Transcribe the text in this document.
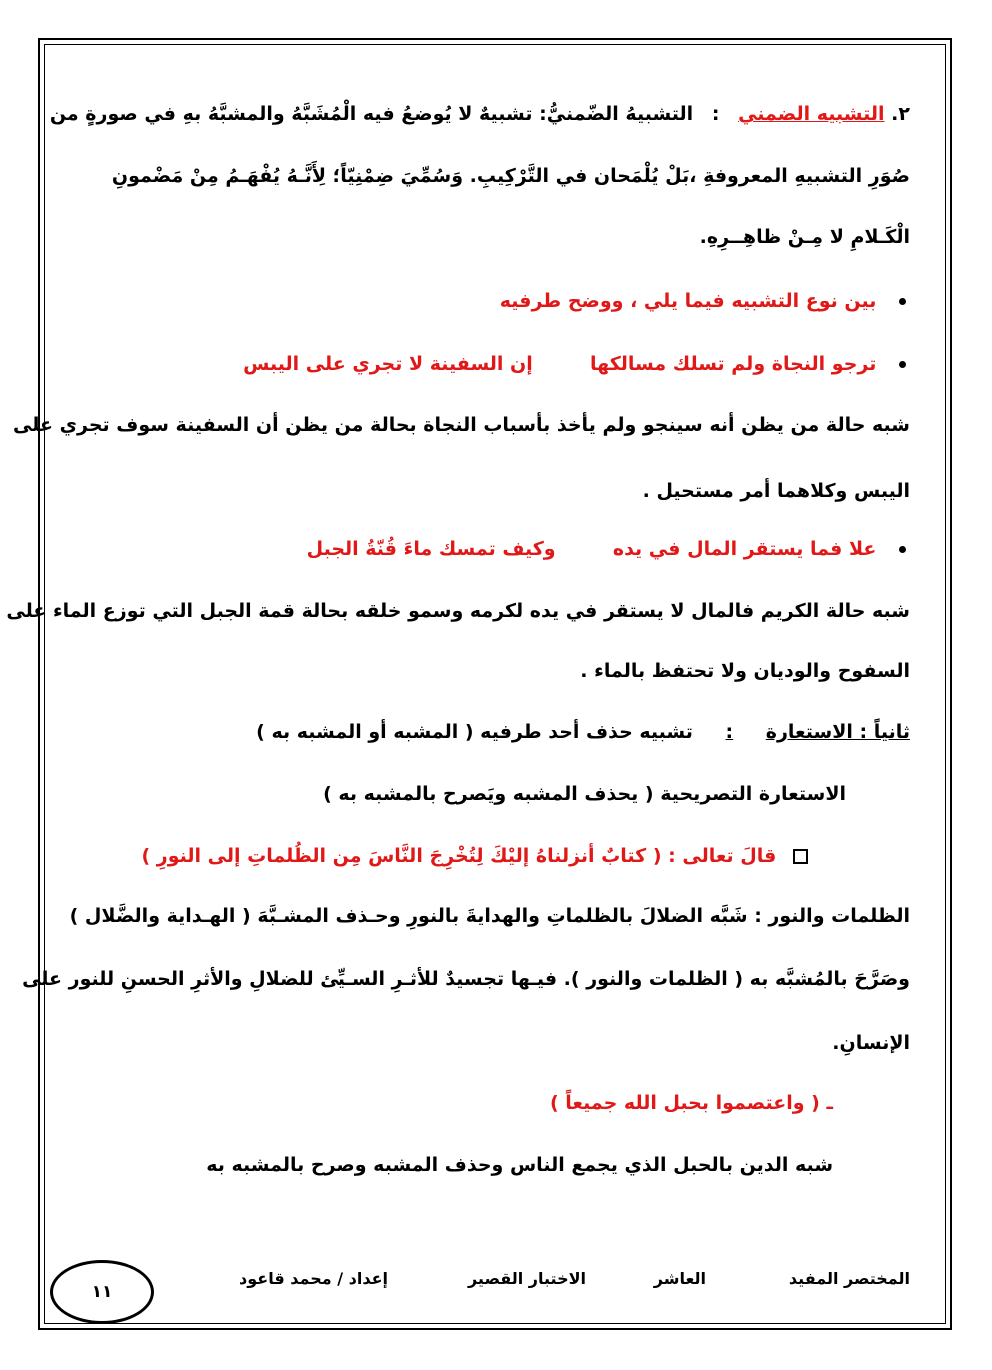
٢. التشبيه الضمني : التشبيهُ الضّمنيُّ: تشبيهٌ لا يُوضعُ فيه الْمُشَبَّهُ والمشبَّهُ بهِ في صورةٍ من
صُوَرِ التشبيهِ المعروفةِ ،بَلْ يُلْمَحان في التَّرْكِيبِ. وَسُمِّيَ ضِمْنِيّاً؛ لِأَنَّـهُ يُفْهَـمُ مِنْ مَضْمونِ
الْكَـلامِ لا مِـنْ ظاهِــرِهِ.
بين نوع التشبيه فيما يلي ، ووضح طرفيه
ترجو النجاة ولم تسلك مسالكها  إن السفينة لا تجري على اليبس
شبه حالة من يظن أنه سينجو ولم يأخذ بأسباب النجاة بحالة من يظن أن السفينة سوف تجري على
اليبس وكلاهما أمر مستحيل .
علا فما يستقر المال في يده  وكيف تمسك ماءَ قُنّةُ الجبل
شبه حالة الكريم فالمال لا يستقر في يده لكرمه وسمو خلقه بحالة قمة الجبل التي توزع الماء على
السفوح والوديان ولا تحتفظ بالماء .
ثانياً : الاستعارة : تشبيه حذف أحد طرفيه ( المشبه أو المشبه به )
الاستعارة التصريحية ( يحذف المشبه ويَصرح بالمشبه به )
قالَ تعالى : ( كتابٌ أنزلناهُ إليْكَ لِتُخْرِجَ النَّاسَ مِن الظُلماتِ إلى النورِ )
الظلمات والنور : شَبَّه الضلالَ بالظلماتِ والهدايةَ بالنورِ وحـذف المشـبَّهَ ( الهـداية والضَّلال )
وصَرَّحَ بالمُشبَّه به ( الظلمات والنور ). فيـها تجسيدٌ للأثـرِ السـيِّئ للضلالِ والأثرِ الحسنِ للنور على
الإنسانِ.
ـ ( واعتصموا بحبل الله جميعاً )
شبه الدين بالحبل الذي يجمع الناس وحذف المشبه وصرح بالمشبه به
المختصر المفيد
العاشر
الاختبار القصير
إعداد / محمد قاعود
١١
